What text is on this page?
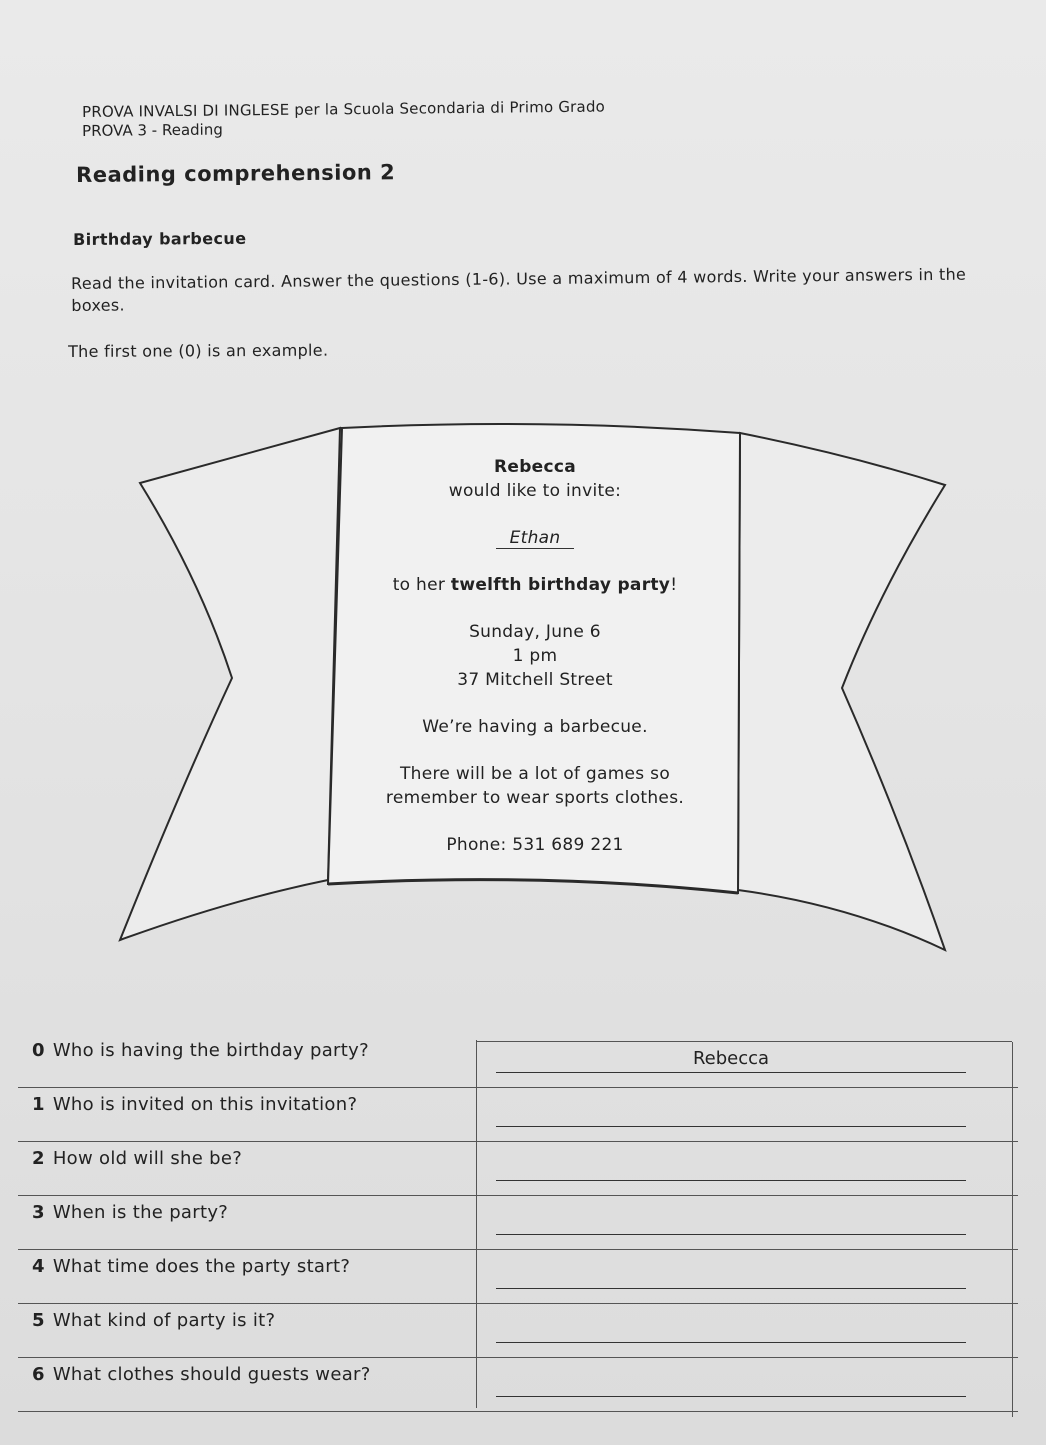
PROVA INVALSI DI INGLESE per la Scuola Secondaria di Primo Grado
PROVA 3 - Reading
Reading comprehension 2
Birthday barbecue
Read the invitation card. Answer the questions (1-6). Use a maximum of 4 words. Write your answers in the boxes.
The first one (0) is an example.
Rebecca
would like to invite:
Ethan
to her twelfth birthday party!
Sunday, June 6
1 pm
37 Mitchell Street
We’re having a barbecue.
There will be a lot of games so
remember to wear sports clothes.
Phone: 531 689 221
0 Who is having the birthday party?	Rebecca
1 Who is invited on this invitation?
2 How old will she be?
3 When is the party?
4 What time does the party start?
5 What kind of party is it?
6 What clothes should guests wear?
